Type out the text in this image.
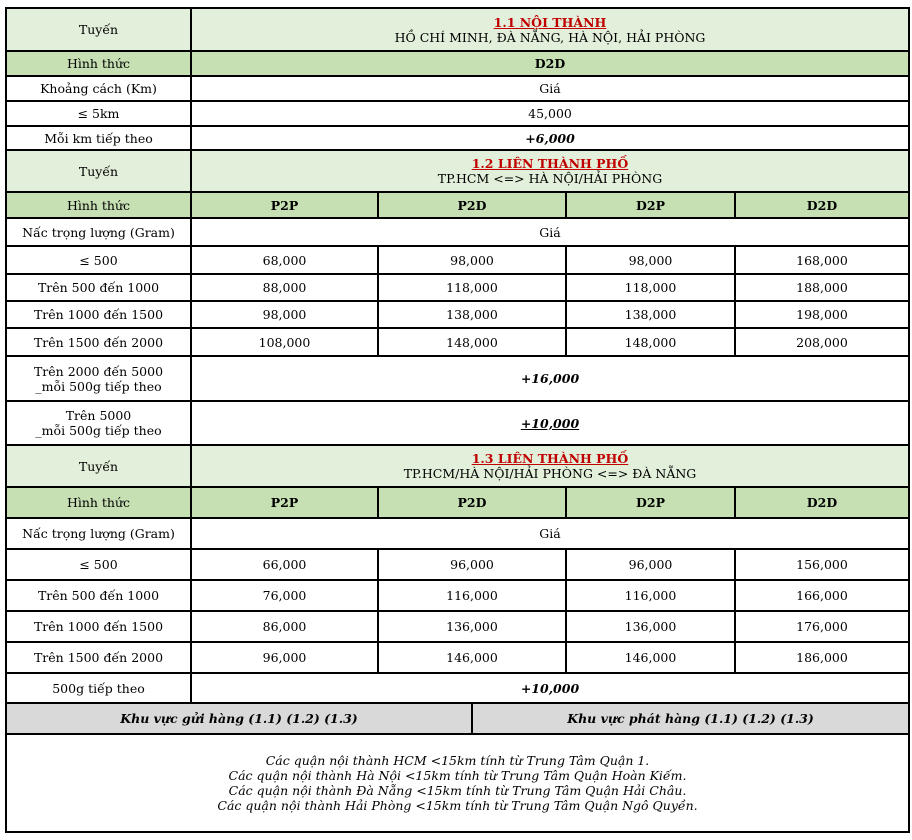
Tuyến	1.1 NỘI THÀNH
HỒ CHÍ MINH, ĐÀ NẴNG, HÀ NỘI, HẢI PHÒNG				

Hình thức	D2D				
Khoảng cách (Km)	Giá				
≤ 5km	45,000				
Mỗi km tiếp theo	+6,000				
Tuyến	1.2 LIÊN THÀNH PHỐ
TP.HCM <=> HÀ NỘI/HẢI PHÒNG				

Hình thức	P2P	P2D		D2P	D2D
Nấc trọng lượng (Gram)	Giá				
≤ 500	68,000	98,000		98,000	168,000
Trên 500 đến 1000	88,000	118,000		118,000	188,000
Trên 1000 đến 1500	98,000	138,000		138,000	198,000
Trên 1500 đến 2000	108,000	148,000		148,000	208,000

Trên 2000 đến 5000
_mỗi 500g tiếp theo	+16,000				

Trên 5000
_mỗi 500g tiếp theo	+10,000				
Tuyến	1.3 LIÊN THÀNH PHỐ
TP.HCM/HÀ NỘI/HẢI PHÒNG <=> ĐÀ NẴNG				

Hình thức	P2P	P2D		D2P	D2D
Nấc trọng lượng (Gram)	Giá				
≤ 500	66,000	96,000		96,000	156,000
Trên 500 đến 1000	76,000	116,000		116,000	166,000
Trên 1000 đến 1500	86,000	136,000		136,000	176,000
Trên 1500 đến 2000	96,000	146,000		146,000	186,000
500g tiếp theo	+10,000				
Khu vực gửi hàng (1.1) (1.2) (1.3)			Khu vực phát hàng (1.1) (1.2) (1.3)		

Các quận nội thành HCM <15km tính từ Trung Tâm Quận 1.
Các quận nội thành Hà Nội <15km tính từ Trung Tâm Quận Hoàn Kiếm.
Các quận nội thành Đà Nẵng <15km tính từ Trung Tâm Quận Hải Châu.
Các quận nội thành Hải Phòng <15km tính từ Trung Tâm Quận Ngô Quyền.					
